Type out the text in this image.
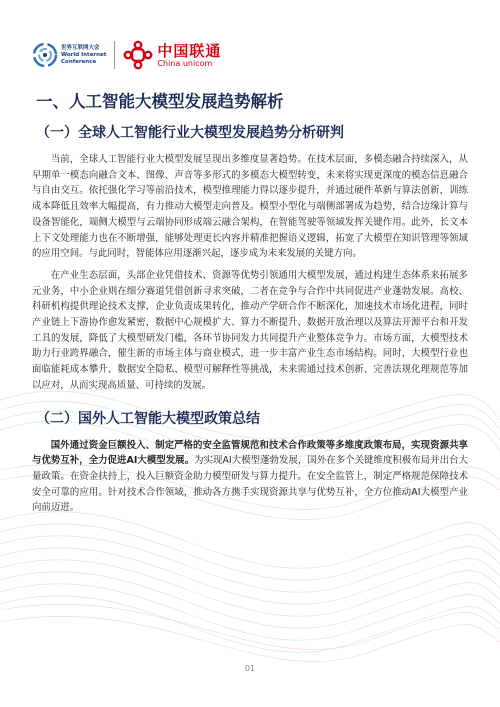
世界互联网大会
World Internet
Conference
中国联通
China unicom
一、人工智能大模型发展趋势解析
（一）全球人工智能行业大模型发展趋势分析研判

当前，全球人工智能行业大模型发展呈现出多维度显著趋势。在技术层面，多模态融合持续深入，从早期单一模态向融合文本、图像、声音等多形式的多模态大模型转变，未来将实现更深度的模态信息融合与自由交互。依托强化学习等前沿技术，模型推理能力得以逐步提升，并通过硬件革新与算法创新，训练成本降低且效率大幅提高，有力推动大模型走向普及。模型小型化与端侧部署成为趋势，结合边缘计算与设备智能化，端侧大模型与云端协同形成端云融合架构，在智能驾驶等领域发挥关键作用。此外，长文本上下文处理能力也在不断增强，能够处理更长内容并精准把握语义逻辑，拓宽了大模型在知识管理等领域的应用空间。与此同时，智能体应用逐渐兴起，逐步成为未来发展的关键方向。

在产业生态层面，头部企业凭借技术、资源等优势引领通用大模型发展，通过构建生态体系来拓展多元业务，中小企业则在细分赛道凭借创新寻求突破，二者在竞争与合作中共同促进产业蓬勃发展。高校、科研机构提供理论技术支撑，企业负责成果转化，推动产学研合作不断深化，加速技术市场化进程，同时产业链上下游协作愈发紧密，数据中心规模扩大、算力不断提升、数据开放治理以及算法开源平台和开发工具的发展，降低了大模型研发门槛，各环节协同发力共同提升产业整体竞争力。市场方面，大模型技术助力行业跨界融合，催生新的市场主体与商业模式，进一步丰富产业生态市场结构。同时，大模型行业也面临能耗成本攀升、数据安全隐私、模型可解释性等挑战，未来需通过技术创新、完善法规化理规范等加以应对，从而实现高质量、可持续的发展。

（二）国外人工智能大模型政策总结

国外通过资金巨额投入、制定严格的安全监管规范和技术合作政策等多维度政策布局，实现资源共享与优势互补，全力促进AI大模型发展。为实现AI大模型蓬勃发展，国外在多个关键维度积极布局并出台大量政策。在资金扶持上，投入巨额资金助力模型研发与算力提升。在安全监管上，制定严格规范保障技术安全可靠的应用。针对技术合作领域，推动各方携手实现资源共享与优势互补，全方位推动AI大模型产业向前迈进。

01
